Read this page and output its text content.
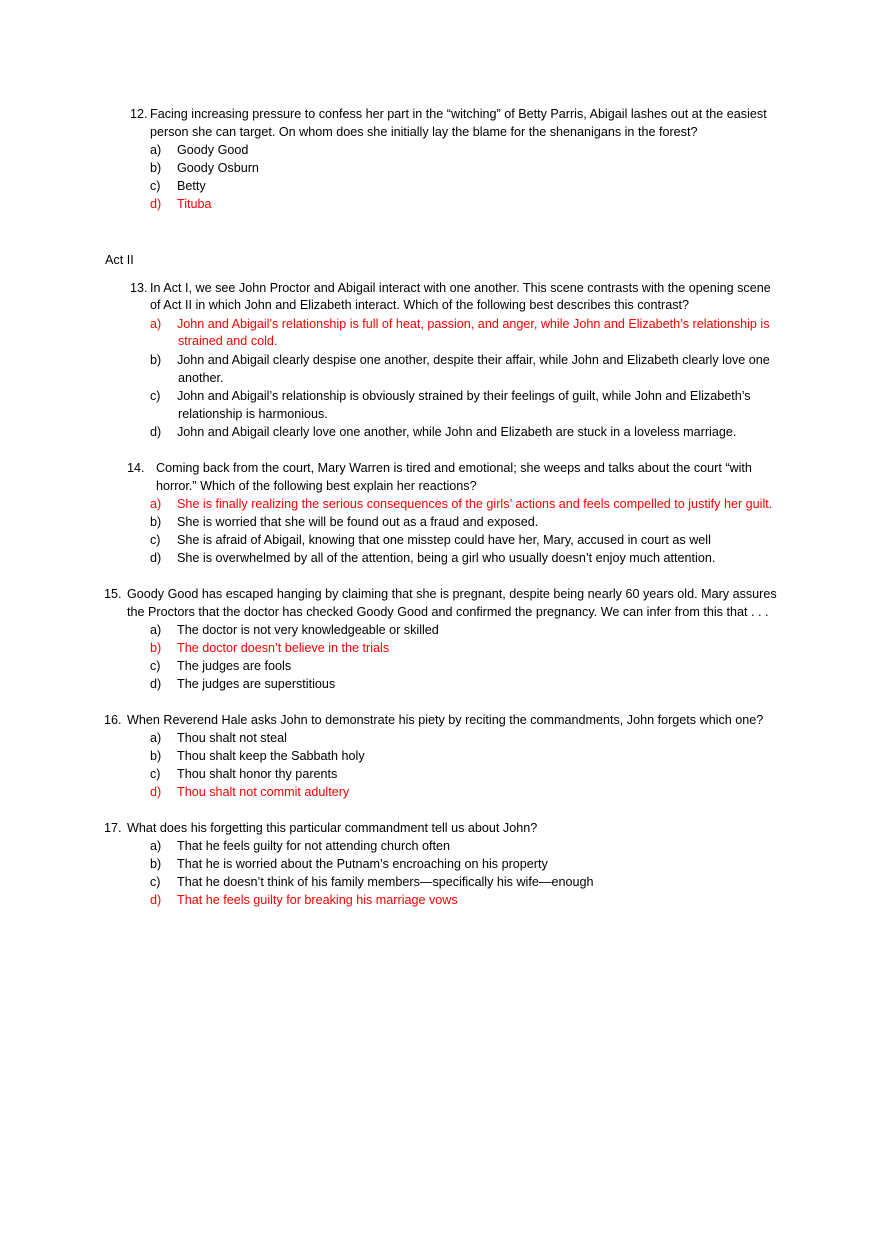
12. Facing increasing pressure to confess her part in the “witching” of Betty Parris, Abigail lashes out at the easiest
person she can target. On whom does she initially lay the blame for the shenanigans in the forest?
a) Goody Good
b) Goody Osburn
c) Betty
d) Tituba
Act II
13. In Act I, we see John Proctor and Abigail interact with one another. This scene contrasts with the opening scene
of Act II in which John and Elizabeth interact. Which of the following best describes this contrast?
a) John and Abigail’s relationship is full of heat, passion, and anger, while John and Elizabeth’s relationship is
strained and cold.
b) John and Abigail clearly despise one another, despite their affair, while John and Elizabeth clearly love one
another.
c) John and Abigail’s relationship is obviously strained by their feelings of guilt, while John and Elizabeth’s
relationship is harmonious.
d) John and Abigail clearly love one another, while John and Elizabeth are stuck in a loveless marriage.
14. Coming back from the court, Mary Warren is tired and emotional; she weeps and talks about the court “with
horror.” Which of the following best explain her reactions?
a) She is finally realizing the serious consequences of the girls’ actions and feels compelled to justify her guilt.
b) She is worried that she will be found out as a fraud and exposed.
c) She is afraid of Abigail, knowing that one misstep could have her, Mary, accused in court as well
d) She is overwhelmed by all of the attention, being a girl who usually doesn’t enjoy much attention.
15. Goody Good has escaped hanging by claiming that she is pregnant, despite being nearly 60 years old. Mary assures
the Proctors that the doctor has checked Goody Good and confirmed the pregnancy. We can infer from this that . . .
a) The doctor is not very knowledgeable or skilled
b) The doctor doesn’t believe in the trials
c) The judges are fools
d) The judges are superstitious
16. When Reverend Hale asks John to demonstrate his piety by reciting the commandments, John forgets which one?
a) Thou shalt not steal
b) Thou shalt keep the Sabbath holy
c) Thou shalt honor thy parents
d) Thou shalt not commit adultery
17. What does his forgetting this particular commandment tell us about John?
a) That he feels guilty for not attending church often
b) That he is worried about the Putnam’s encroaching on his property
c) That he doesn’t think of his family members—specifically his wife—enough
d) That he feels guilty for breaking his marriage vows
